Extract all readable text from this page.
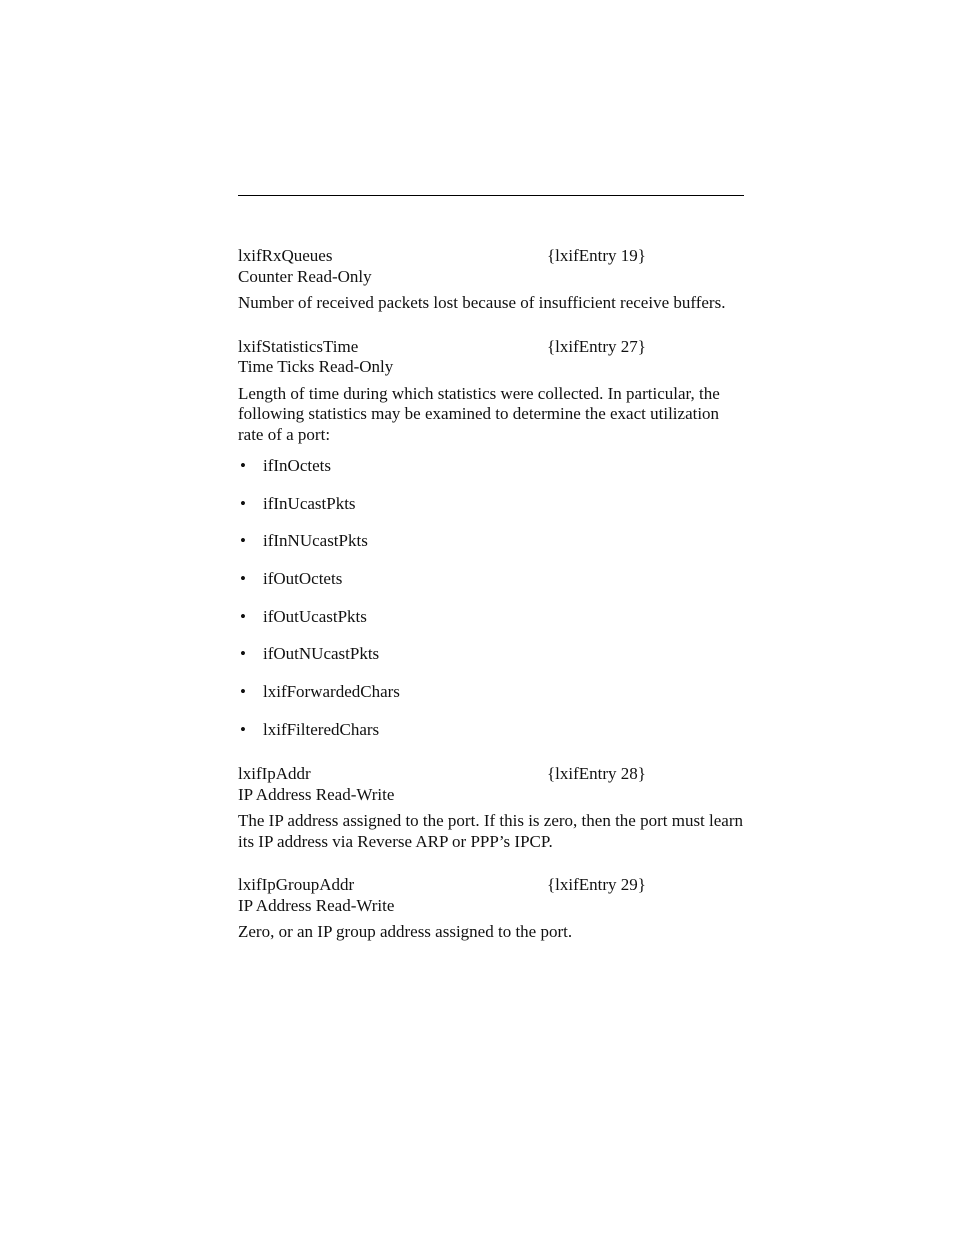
lxifRxQueues	{lxifEntry 19}
Counter Read-Only

Number of received packets lost because of insufficient receive buffers.

lxifStatisticsTime	{lxifEntry 27}
Time Ticks Read-Only

Length of time during which statistics were collected. In particular, the following statistics may be examined to determine the exact utilization rate of a port:

• ifInOctets
• ifInUcastPkts
• ifInNUcastPkts
• ifOutOctets
• ifOutUcastPkts
• ifOutNUcastPkts
• lxifForwardedChars
• lxifFilteredChars
lxifIpAddr	{lxifEntry 28}
IP Address Read-Write

The IP address assigned to the port. If this is zero, then the port must learn its IP address via Reverse ARP or PPP’s IPCP.

lxifIpGroupAddr	{lxifEntry 29}
IP Address Read-Write

Zero, or an IP group address assigned to the port.
